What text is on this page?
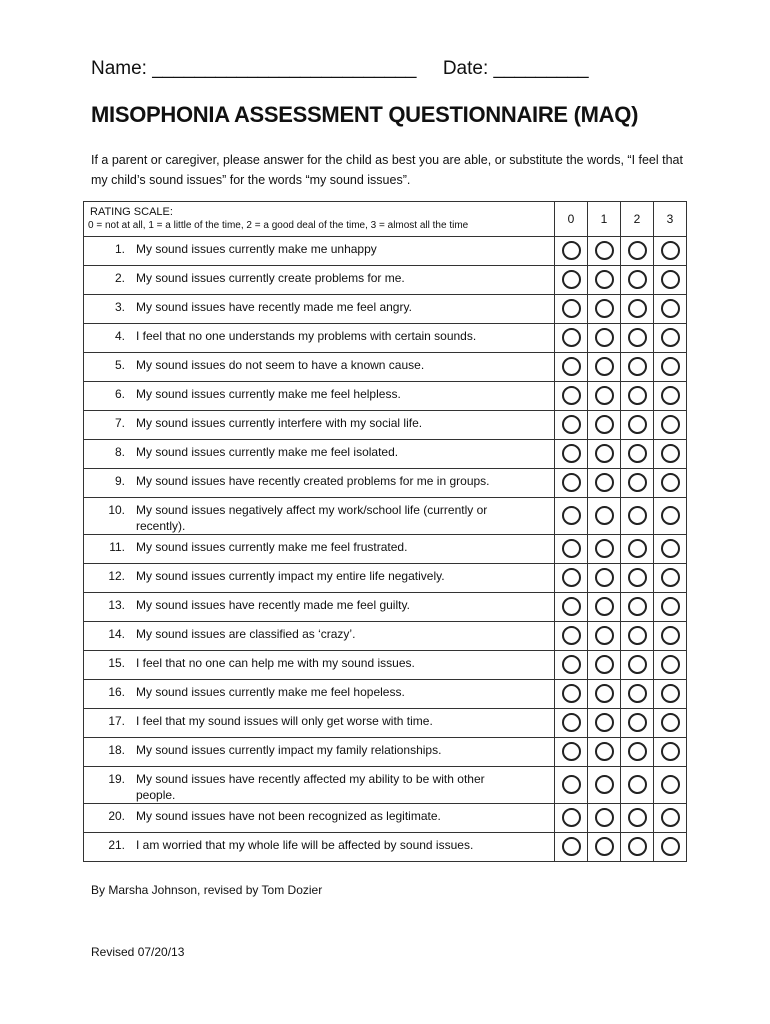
Name: _________________________ Date: _________
MISOPHONIA ASSESSMENT QUESTIONNAIRE (MAQ)
If a parent or caregiver, please answer for the child as best you are able, or substitute the words, “I feel that my child’s sound issues” for the words “my sound issues”.
RATING SCALE:
0 = not at all, 1 = a little of the time, 2 = a good deal of the time, 3 = almost all the time	0	1	2	3

1. My sound issues currently make me unhappy				

2. My sound issues currently create problems for me.				

3. My sound issues have recently made me feel angry.				

4. I feel that no one understands my problems with certain sounds.				

5. My sound issues do not seem to have a known cause.				

6. My sound issues currently make me feel helpless.				

7. My sound issues currently interfere with my social life.				

8. My sound issues currently make me feel isolated.				

9. My sound issues have recently created problems for me in groups.				

10. My sound issues negatively affect my work/school life (currently or recently).				

11. My sound issues currently make me feel frustrated.				

12. My sound issues currently impact my entire life negatively.				

13. My sound issues have recently made me feel guilty.				

14. My sound issues are classified as ‘crazy’.				

15. I feel that no one can help me with my sound issues.				

16. My sound issues currently make me feel hopeless.				

17. I feel that my sound issues will only get worse with time.				

18. My sound issues currently impact my family relationships.				

19. My sound issues have recently affected my ability to be with other people.				

20. My sound issues have not been recognized as legitimate.				

21. I am worried that my whole life will be affected by sound issues.				

By Marsha Johnson, revised by Tom Dozier
Revised 07/20/13
